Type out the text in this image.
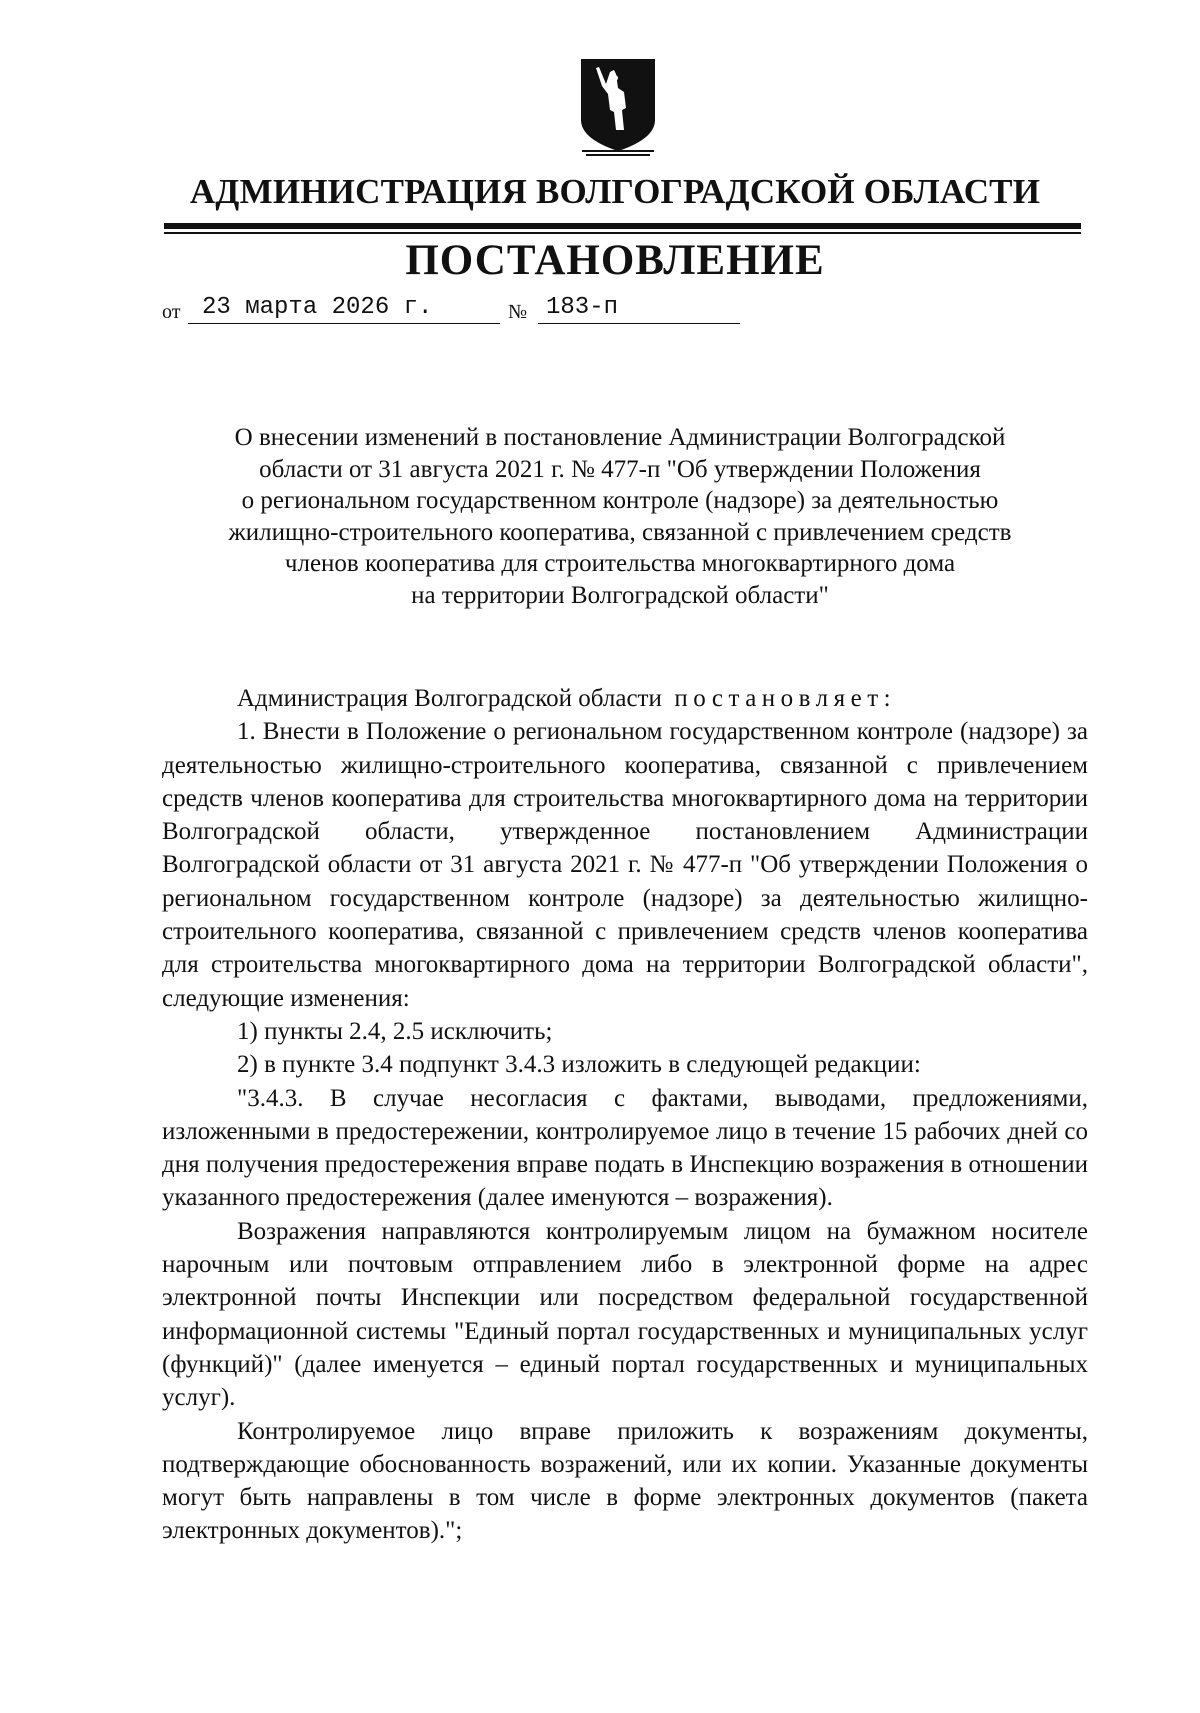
АДМИНИСТРАЦИЯ ВОЛГОГРАДСКОЙ ОБЛАСТИ
ПОСТАНОВЛЕНИЕ
от 23 марта 2026 г.	№ 183-п
О внесении изменений в постановление Администрации Волгоградской
области от 31 августа 2021 г. № 477-п "Об утверждении Положения
о региональном государственном контроле (надзоре) за деятельностью
жилищно-строительного кооператива, связанной с привлечением средств
членов кооператива для строительства многоквартирного дома
на территории Волгоградской области"

Администрация Волгоградской области постановляет:

1. Внести в Положение о региональном государственном контроле (надзоре) за деятельностью жилищно-строительного кооператива, связанной с привлечением средств членов кооператива для строительства многоквартирного дома на территории Волгоградской области, утвержденное постановлением Администрации Волгоградской области от 31 августа 2021 г. № 477-п "Об утверждении Положения о региональном государственном контроле (надзоре) за деятельностью жилищно-строительного кооператива, связанной с привлечением средств членов кооператива для строительства многоквартирного дома на территории Волгоградской области", следующие изменения:

1) пункты 2.4, 2.5 исключить;

2) в пункте 3.4 подпункт 3.4.3 изложить в следующей редакции:

"3.4.3. В случае несогласия с фактами, выводами, предложениями, изложенными в предостережении, контролируемое лицо в течение 15 рабочих дней со дня получения предостережения вправе подать в Инспекцию возражения в отношении указанного предостережения (далее именуются – возражения).

Возражения направляются контролируемым лицом на бумажном носителе нарочным или почтовым отправлением либо в электронной форме на адрес электронной почты Инспекции или посредством федеральной государственной информационной системы "Единый портал государственных и муниципальных услуг (функций)" (далее именуется – единый портал государственных и муниципальных услуг).

Контролируемое лицо вправе приложить к возражениям документы, подтверждающие обоснованность возражений, или их копии. Указанные документы могут быть направлены в том числе в форме электронных документов (пакета электронных документов).";
